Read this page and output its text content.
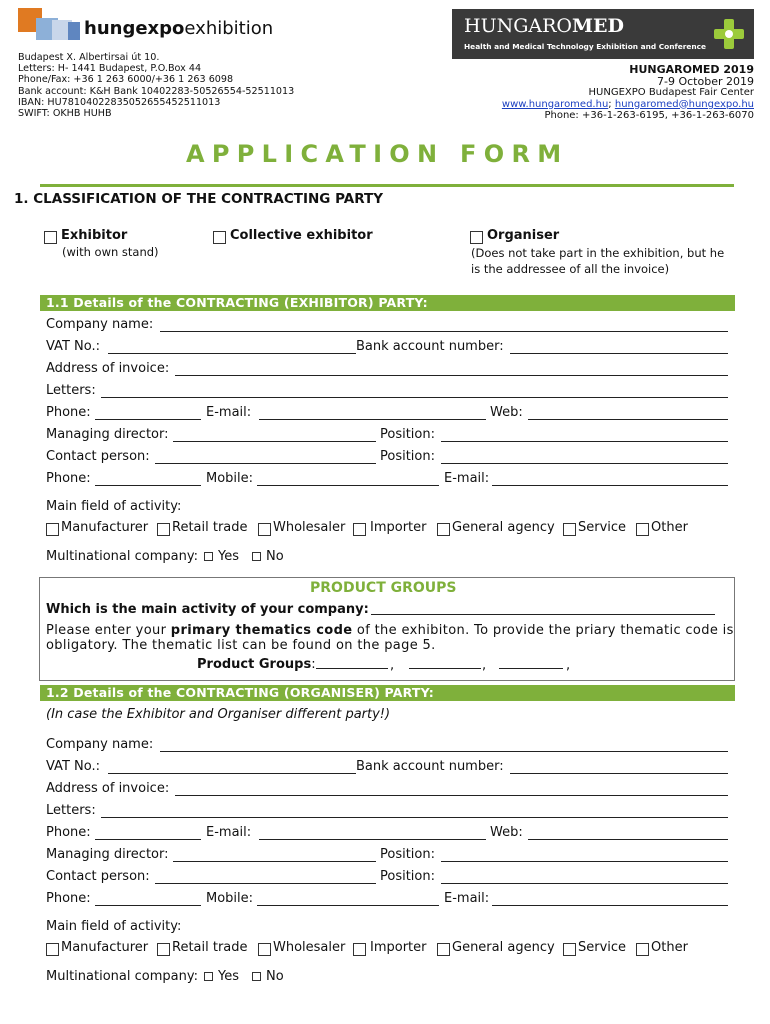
hungexpoexhibition
Budapest X. Albertirsai út 10.
Letters: H- 1441 Budapest, P.O.Box 44
Phone/Fax: +36 1 263 6000/+36 1 263 6098
Bank account: K&H Bank 10402283-50526554-52511013
IBAN: HU78104022835052655452511013
SWIFT: OKHB HUHB
HUNGAROMED
Health and Medical Technology Exhibition and Conference
HUNGAROMED 2019
7-9 October 2019
HUNGEXPO Budapest Fair Center
www.hungaromed.hu; hungaromed@hungexpo.hu
Phone: +36-1-263-6195, +36-1-263-6070
APPLICATION FORM
1. CLASSIFICATION OF THE CONTRACTING PARTY
Exhibitor
(with own stand)
Collective exhibitor	Organiser
(Does not take part in the exhibition, but he is the addressee of all the invoice)
1.1 Details of the CONTRACTING (EXHIBITOR) PARTY:
Company name:
VAT No.:	Bank account number:
Address of invoice:
Letters:
Phone:	E-mail:	Web:
Managing director:	Position:
Contact person:	Position:
Phone:	Mobile:	E-mail:
Main field of activity:
Manufacturer Retail trade Wholesaler Importer General agency Service Other
Multinational company: Yes No
PRODUCT GROUPS
Which is the main activity of your company:
Please enter your primary thematics code of the exhibiton. To provide the priary thematic code is
obligatory. The thematic list can be found on the page 5.
Product Groups:	,	,	,
1.2 Details of the CONTRACTING (ORGANISER) PARTY:
(In case the Exhibitor and Organiser different party!)
Company name:
VAT No.:	Bank account number:
Address of invoice:
Letters:
Phone:	E-mail:	Web:
Managing director:	Position:
Contact person:	Position:
Phone:	Mobile:	E-mail:
Main field of activity:
Manufacturer Retail trade Wholesaler Importer General agency Service Other
Multinational company: Yes No
